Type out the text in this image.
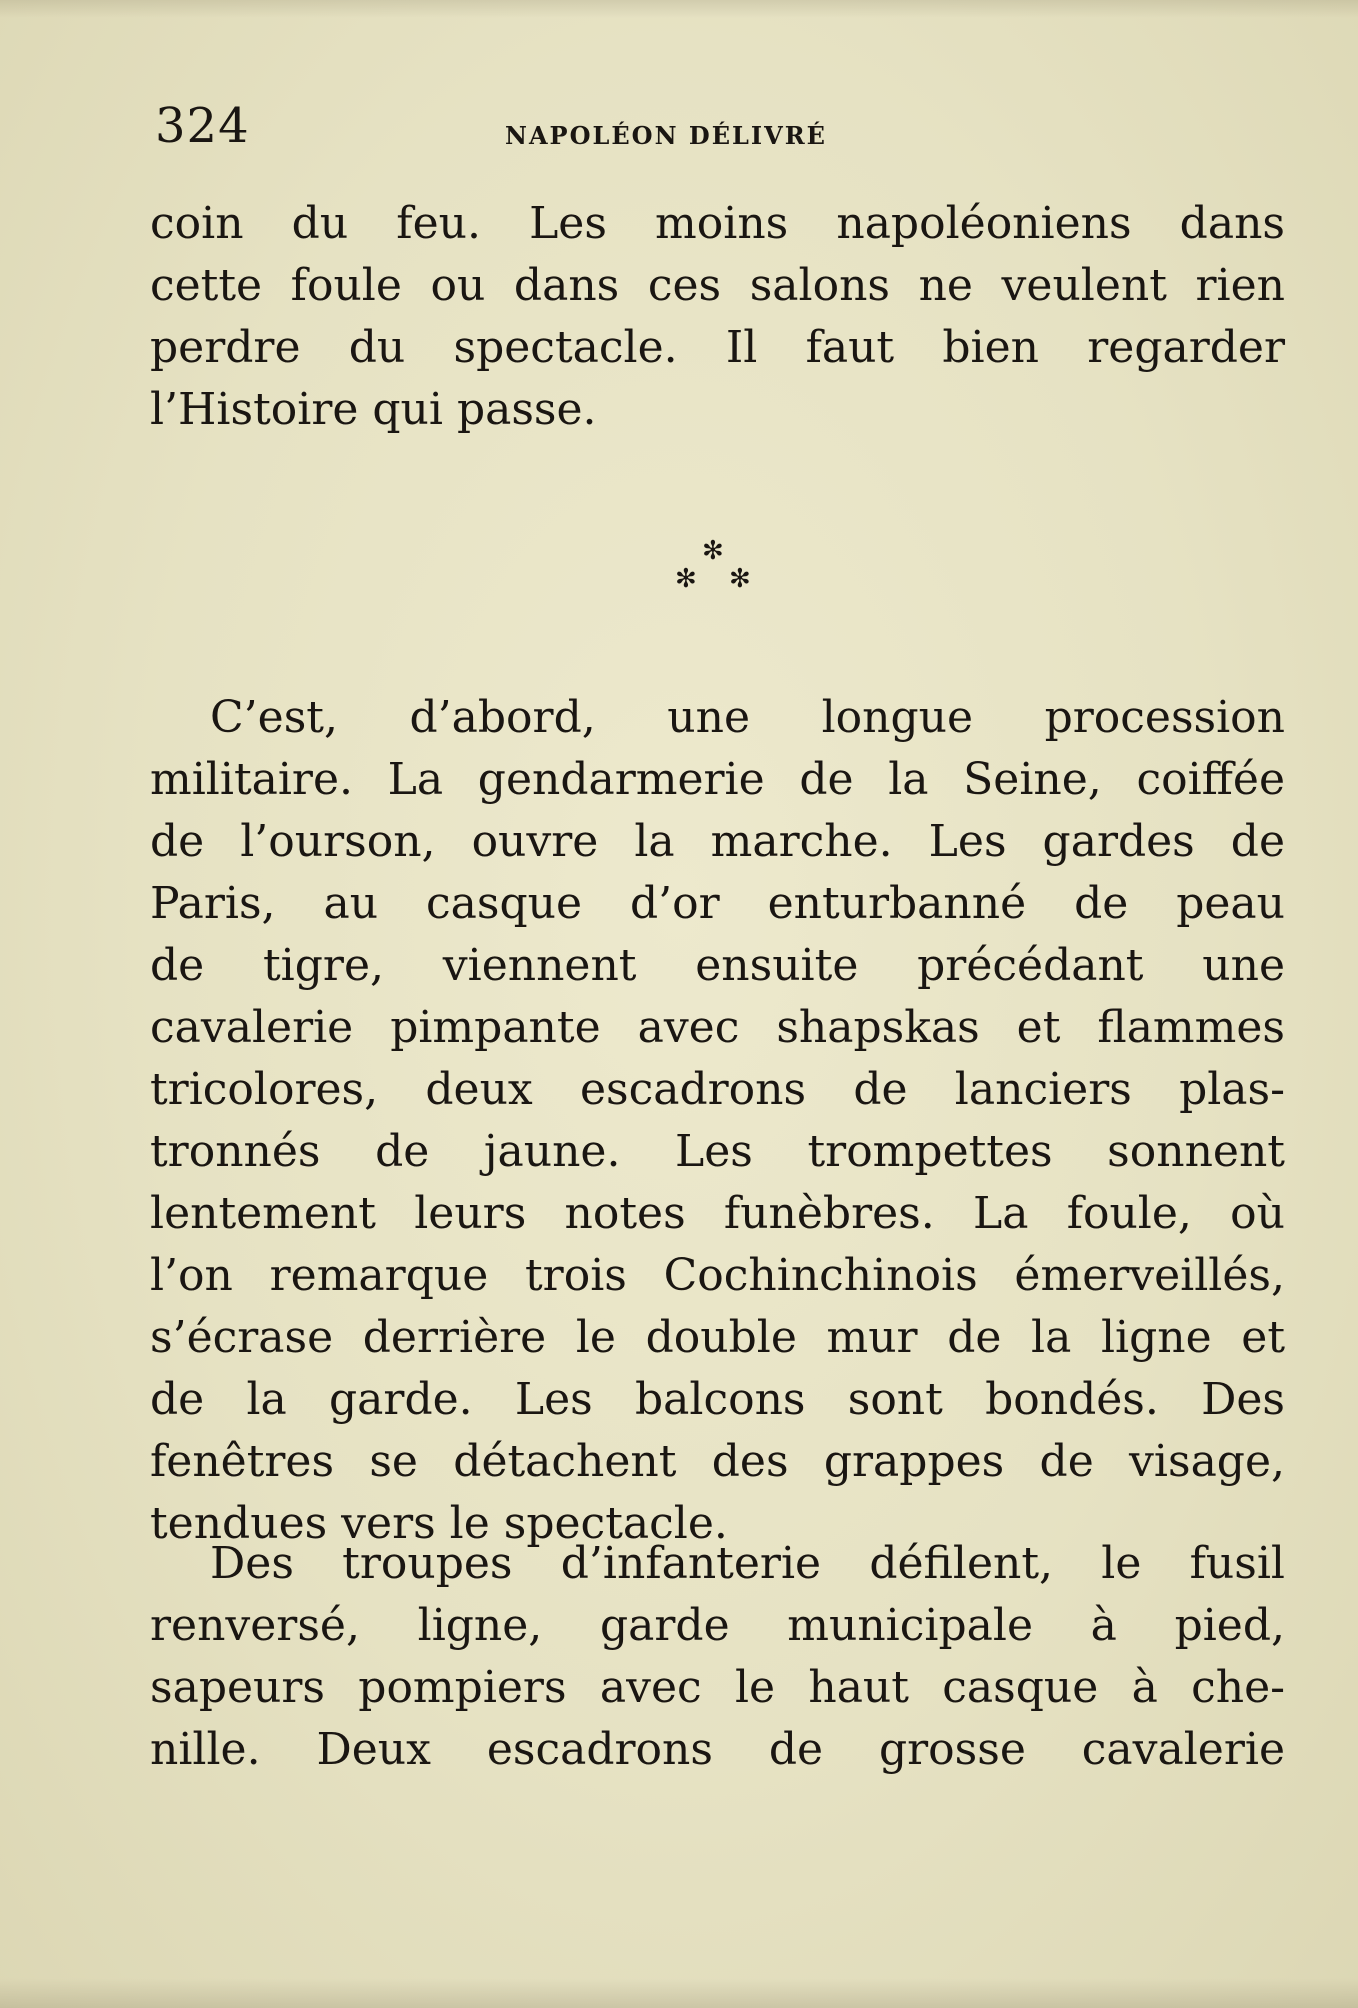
324	NAPOLÉON DÉLIVRÉ
coin du feu. Les moins napoléoniens dans
cette foule ou dans ces salons ne veulent rien
perdre du spectacle. Il faut bien regarder
l’Histoire qui passe.
✻
✻ ✻
C’est, d’abord, une longue procession
militaire. La gendarmerie de la Seine, coiffée
de l’ourson, ouvre la marche. Les gardes de
Paris, au casque d’or enturbanné de peau
de tigre, viennent ensuite précédant une
cavalerie pimpante avec shapskas et flammes
tricolores, deux escadrons de lanciers plas-
tronnés de jaune. Les trompettes sonnent
lentement leurs notes funèbres. La foule, où
l’on remarque trois Cochinchinois émerveillés,
s’écrase derrière le double mur de la ligne et
de la garde. Les balcons sont bondés. Des
fenêtres se détachent des grappes de visage,
tendues vers le spectacle.
Des troupes d’infanterie défilent, le fusil
renversé, ligne, garde municipale à pied,
sapeurs pompiers avec le haut casque à che-
nille. Deux escadrons de grosse cavalerie
